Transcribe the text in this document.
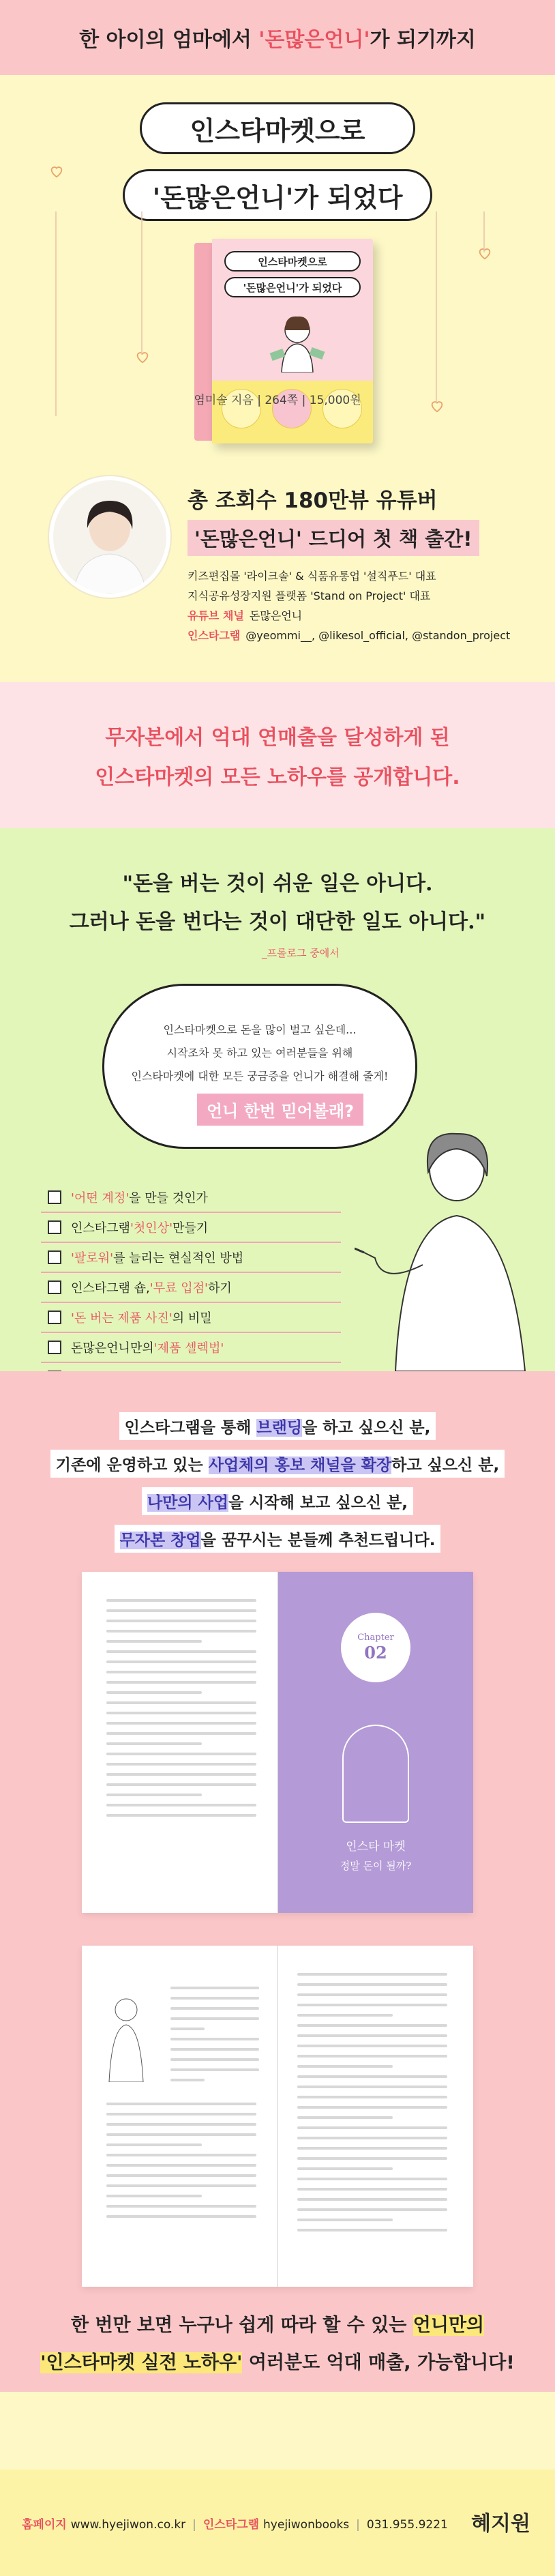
한 아이의 엄마에서 '돈많은언니'가 되기까지
인스타마켓으로
'돈많은언니'가 되었다
인스타마켓으로
'돈많은언니'가 되었다
염미솔 지음 | 264쪽 | 15,000원
총 조회수 180만뷰 유튜버
'돈많은언니' 드디어 첫 책 출간!
키즈편집몰 '라이크솔' & 식품유통업 '설직푸드' 대표
지식공유성장지원 플랫폼 'Stand on Project' 대표
유튜브 채널 돈많은언니
인스타그램 @yeommi__, @likesol_official, @standon_project
무자본에서 억대 연매출을 달성하게 된
인스타마켓의 모든 노하우를 공개합니다.
"돈을 버는 것이 쉬운 일은 아니다.
그러나 돈을 번다는 것이 대단한 일도 아니다."
_프롤로그 중에서
인스타마켓으로 돈을 많이 벌고 싶은데...
시작조차 못 하고 있는 여러분들을 위해
인스타마켓에 대한 모든 궁금증을 언니가 해결해 줄게!
언니 한번 믿어볼래?
'어떤 계정' 을 만들 것인가
인스타그램 '첫인상' 만들기
'팔로워' 를 늘리는 현실적인 방법
인스타그램 숍, '무료 입점' 하기
'돈 버는 제품 사진' 의 비밀
돈많은언니만의 '제품 셀렉법'
인스타그램을 통해 브랜딩을 하고 싶으신 분,
기존에 운영하고 있는 사업체의 홍보 채널을 확장하고 싶으신 분,
나만의 사업을 시작해 보고 싶으신 분,
무자본 창업을 꿈꾸시는 분들께 추천드립니다.
Chapter
02
인스타 마켓
정말 돈이 될까?
한 번만 보면 누구나 쉽게 따라 할 수 있는 언니만의
'인스타마켓 실전 노하우' 여러분도 억대 매출, 가능합니다!
홈페이지 www.hyejiwon.co.kr | 인스타그램 hyejiwonbooks | 031.955.9221 혜지원
